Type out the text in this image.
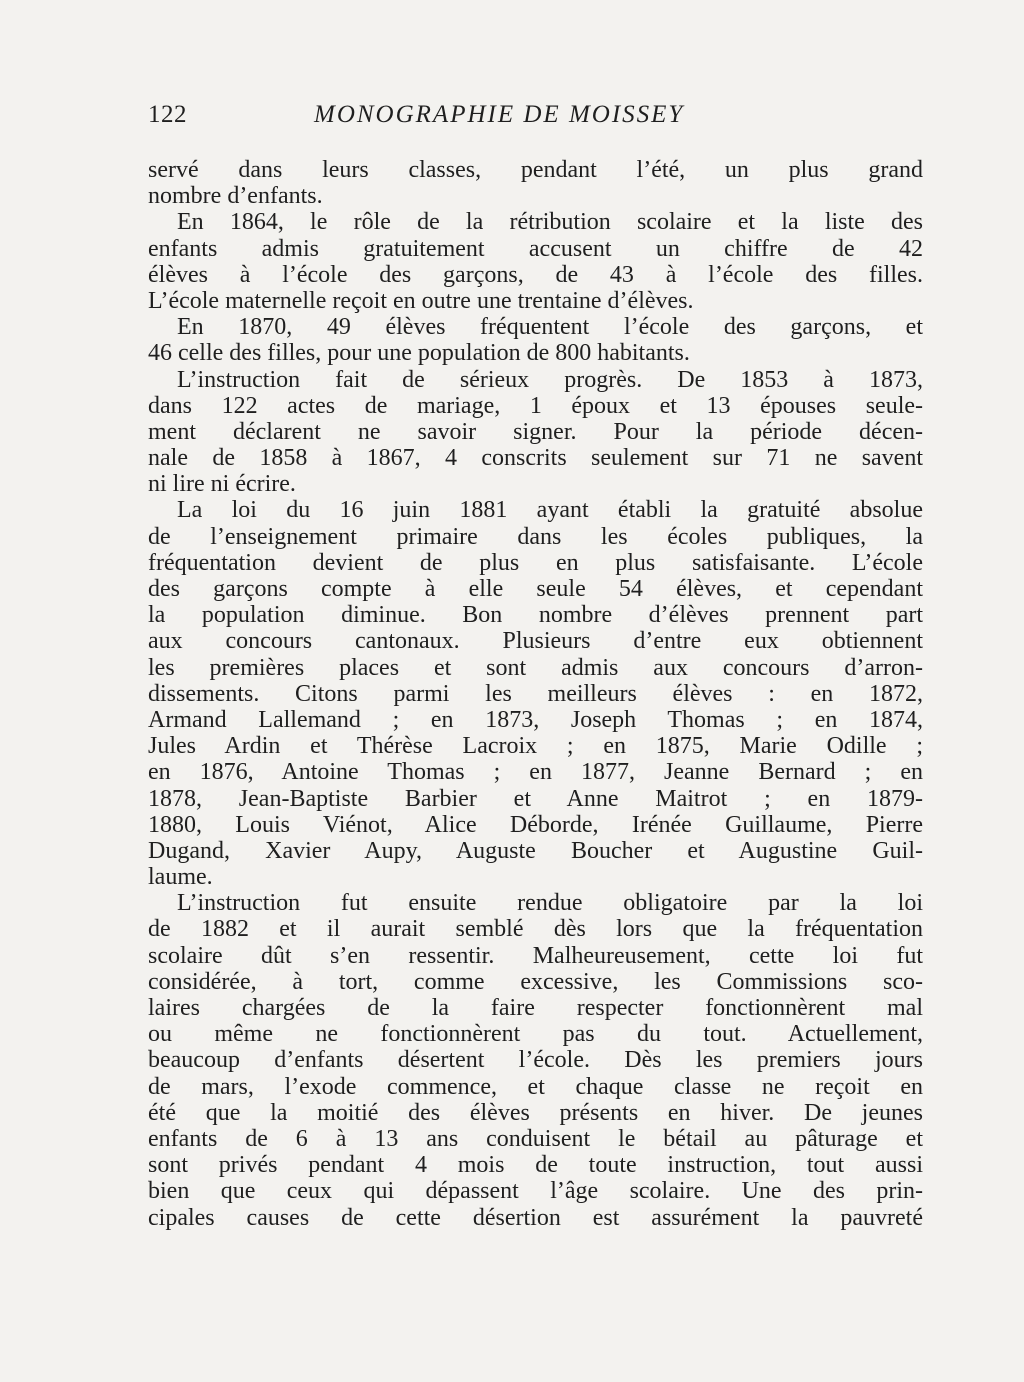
122	MONOGRAPHIE DE MOISSEY
servé dans leurs classes, pendant l’été, un plus grand
nombre d’enfants.
En 1864, le rôle de la rétribution scolaire et la liste des
enfants admis gratuitement accusent un chiffre de 42
élèves à l’école des garçons, de 43 à l’école des filles.
L’école maternelle reçoit en outre une trentaine d’élèves.
En 1870, 49 élèves fréquentent l’école des garçons, et
46 celle des filles, pour une population de 800 habitants.
L’instruction fait de sérieux progrès. De 1853 à 1873,
dans 122 actes de mariage, 1 époux et 13 épouses seule-
ment déclarent ne savoir signer. Pour la période décen-
nale de 1858 à 1867, 4 conscrits seulement sur 71 ne savent
ni lire ni écrire.
La loi du 16 juin 1881 ayant établi la gratuité absolue
de l’enseignement primaire dans les écoles publiques, la
fréquentation devient de plus en plus satisfaisante. L’école
des garçons compte à elle seule 54 élèves, et cependant
la population diminue. Bon nombre d’élèves prennent part
aux concours cantonaux. Plusieurs d’entre eux obtiennent
les premières places et sont admis aux concours d’arron-
dissements. Citons parmi les meilleurs élèves : en 1872,
Armand Lallemand ; en 1873, Joseph Thomas ; en 1874,
Jules Ardin et Thérèse Lacroix ; en 1875, Marie Odille ;
en 1876, Antoine Thomas ; en 1877, Jeanne Bernard ; en
1878, Jean-Baptiste Barbier et Anne Maitrot ; en 1879-
1880, Louis Viénot, Alice Déborde, Irénée Guillaume, Pierre
Dugand, Xavier Aupy, Auguste Boucher et Augustine Guil-
laume.
L’instruction fut ensuite rendue obligatoire par la loi
de 1882 et il aurait semblé dès lors que la fréquentation
scolaire dût s’en ressentir. Malheureusement, cette loi fut
considérée, à tort, comme excessive, les Commissions sco-
laires chargées de la faire respecter fonctionnèrent mal
ou même ne fonctionnèrent pas du tout. Actuellement,
beaucoup d’enfants désertent l’école. Dès les premiers jours
de mars, l’exode commence, et chaque classe ne reçoit en
été que la moitié des élèves présents en hiver. De jeunes
enfants de 6 à 13 ans conduisent le bétail au pâturage et
sont privés pendant 4 mois de toute instruction, tout aussi
bien que ceux qui dépassent l’âge scolaire. Une des prin-
cipales causes de cette désertion est assurément la pauvreté
